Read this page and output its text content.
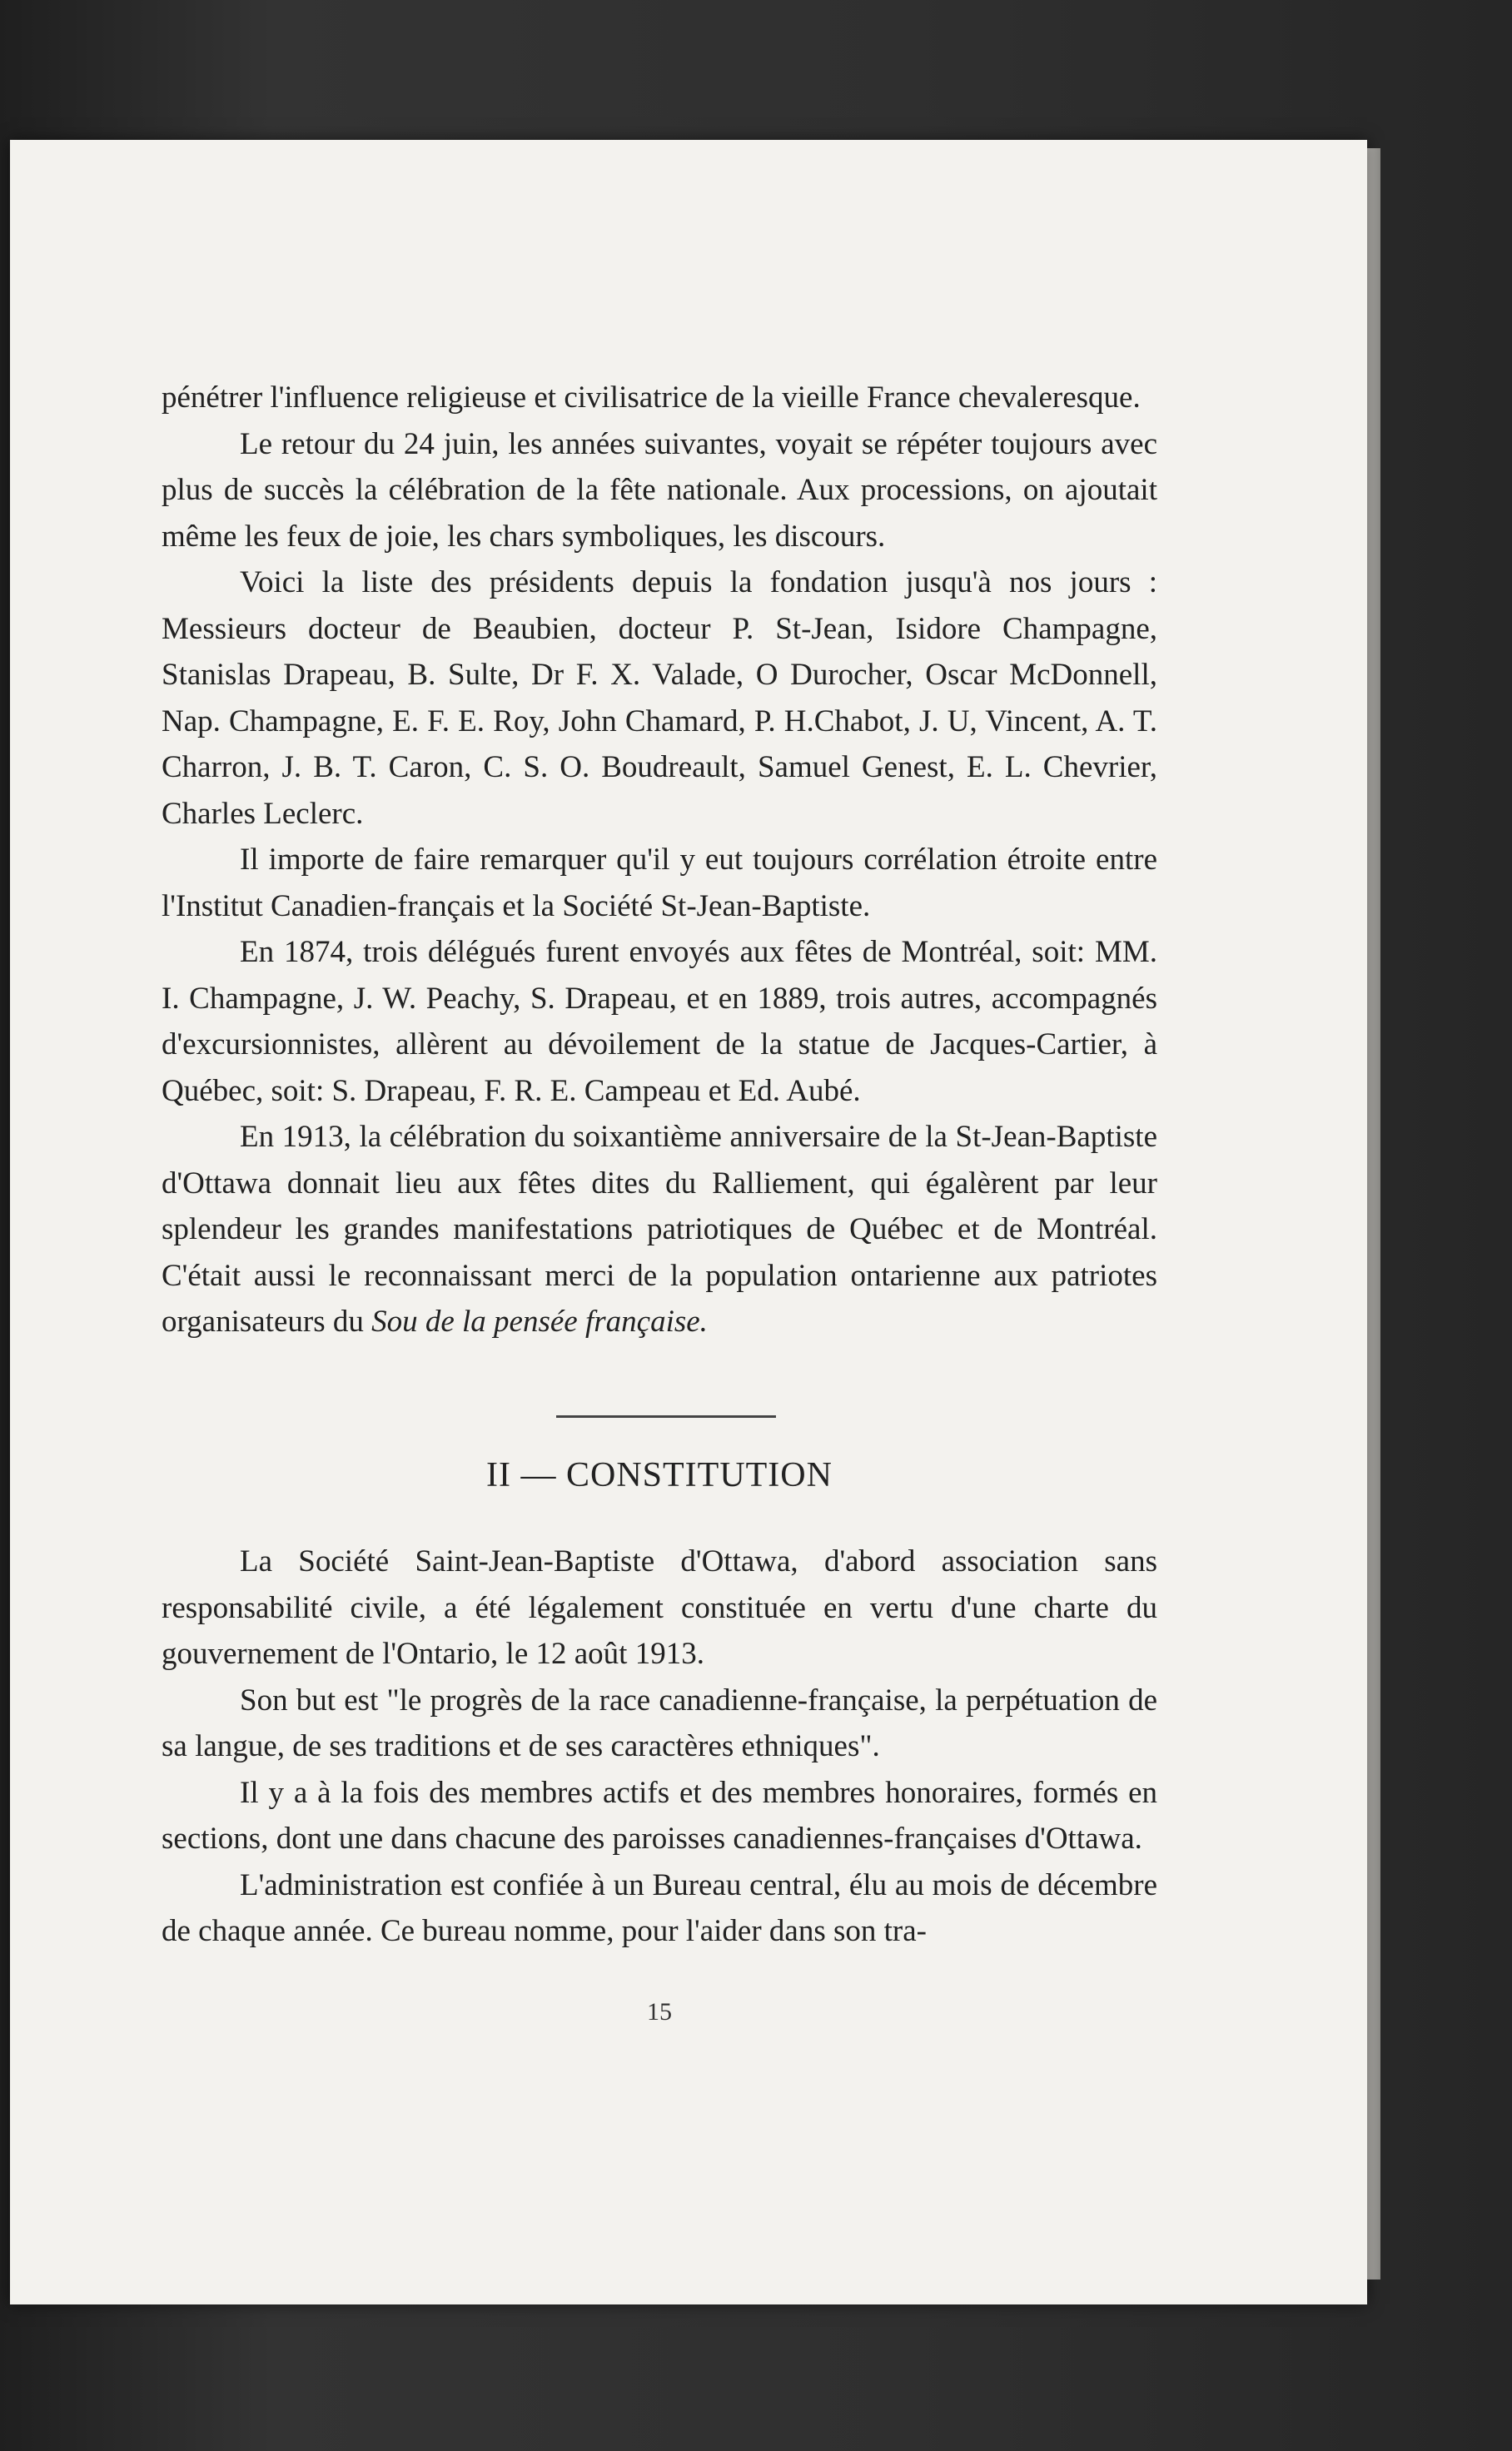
pénétrer l'influence religieuse et civilisatrice de la vieille France chevaleresque.

Le retour du 24 juin, les années suivantes, voyait se répéter toujours avec plus de succès la célébration de la fête nationale. Aux processions, on ajoutait même les feux de joie, les chars symboliques, les discours.

Voici la liste des présidents depuis la fondation jusqu'à nos jours : Messieurs docteur de Beaubien, docteur P. St-Jean, Isidore Champagne, Stanislas Drapeau, B. Sulte, Dr F. X. Valade, O Durocher, Oscar McDonnell, Nap. Champagne, E. F. E. Roy, John Chamard, P. H.Chabot, J. U, Vincent, A. T. Charron, J. B. T. Caron, C. S. O. Boudreault, Samuel Genest, E. L. Chevrier, Charles Leclerc.

Il importe de faire remarquer qu'il y eut toujours corrélation étroite entre l'Institut Canadien-français et la Société St-Jean-Baptiste.

En 1874, trois délégués furent envoyés aux fêtes de Montréal, soit: MM. I. Champagne, J. W. Peachy, S. Drapeau, et en 1889, trois autres, accompagnés d'excursionnistes, allèrent au dévoilement de la statue de Jacques-Cartier, à Québec, soit: S. Drapeau, F. R. E. Campeau et Ed. Aubé.

En 1913, la célébration du soixantième anniversaire de la St-Jean-Baptiste d'Ottawa donnait lieu aux fêtes dites du Ralliement, qui égalèrent par leur splendeur les grandes manifestations patriotiques de Québec et de Montréal. C'était aussi le reconnaissant merci de la population ontarienne aux patriotes organisateurs du Sou de la pensée française.

II — CONSTITUTION

La Société Saint-Jean-Baptiste d'Ottawa, d'abord association sans responsabilité civile, a été légalement constituée en vertu d'une charte du gouvernement de l'Ontario, le 12 août 1913.

Son but est "le progrès de la race canadienne-française, la perpétuation de sa langue, de ses traditions et de ses caractères ethniques".

Il y a à la fois des membres actifs et des membres honoraires, formés en sections, dont une dans chacune des paroisses canadiennes-françaises d'Ottawa.

L'administration est confiée à un Bureau central, élu au mois de décembre de chaque année. Ce bureau nomme, pour l'aider dans son tra-

15
